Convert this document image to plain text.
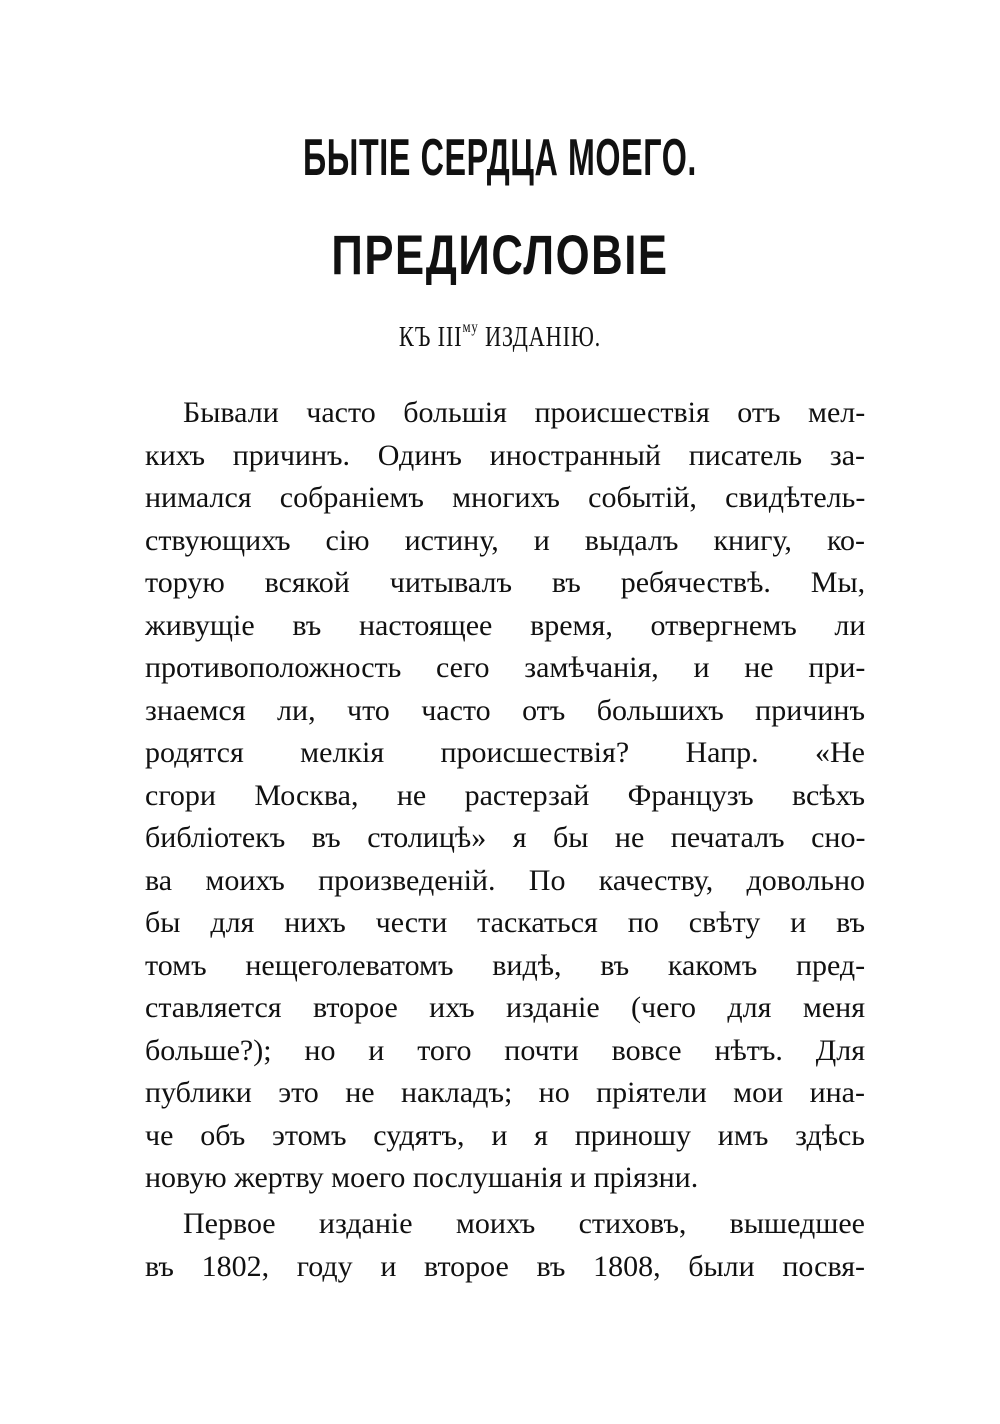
БЫТІЕ СЕРДЦА МОЕГО.
ПРЕДИСЛОВІЕ
КЪ $III^{му}$ ИЗДАНІЮ.
Бывали часто большія происшествія отъ мел-
кихъ причинъ. Одинъ иностранный писатель за-
нимался собраніемъ многихъ событій, свидѣтель-
ствующихъ сію истину, и выдалъ книгу, ко-
торую всякой читывалъ въ ребячествѣ. Мы,
живущіе въ настоящее время, отвергнемъ ли
противоположность сего замѣчанія, и не при-
знаемся ли, что часто отъ большихъ причинъ
родятся мелкія происшествія? Напр. «Не
сгори Москва, не растерзай Французъ всѣхъ
библіотекъ въ столицѣ» я бы не печаталъ сно-
ва моихъ произведеній. По качеству, довольно
бы для нихъ чести таскаться по свѣту и въ
томъ нещеголеватомъ видѣ, въ какомъ пред-
ставляется второе ихъ изданіе (чего для меня
больше?); но и того почти вовсе нѣтъ. Для
публики это не накладъ; но пріятели мои ина-
че объ этомъ судятъ, и я приношу имъ здѣсь
новую жертву моего послушанія и пріязни.
Первое изданіе моихъ стиховъ, вышедшее
въ 1802, году и второе въ 1808, были посвя-
